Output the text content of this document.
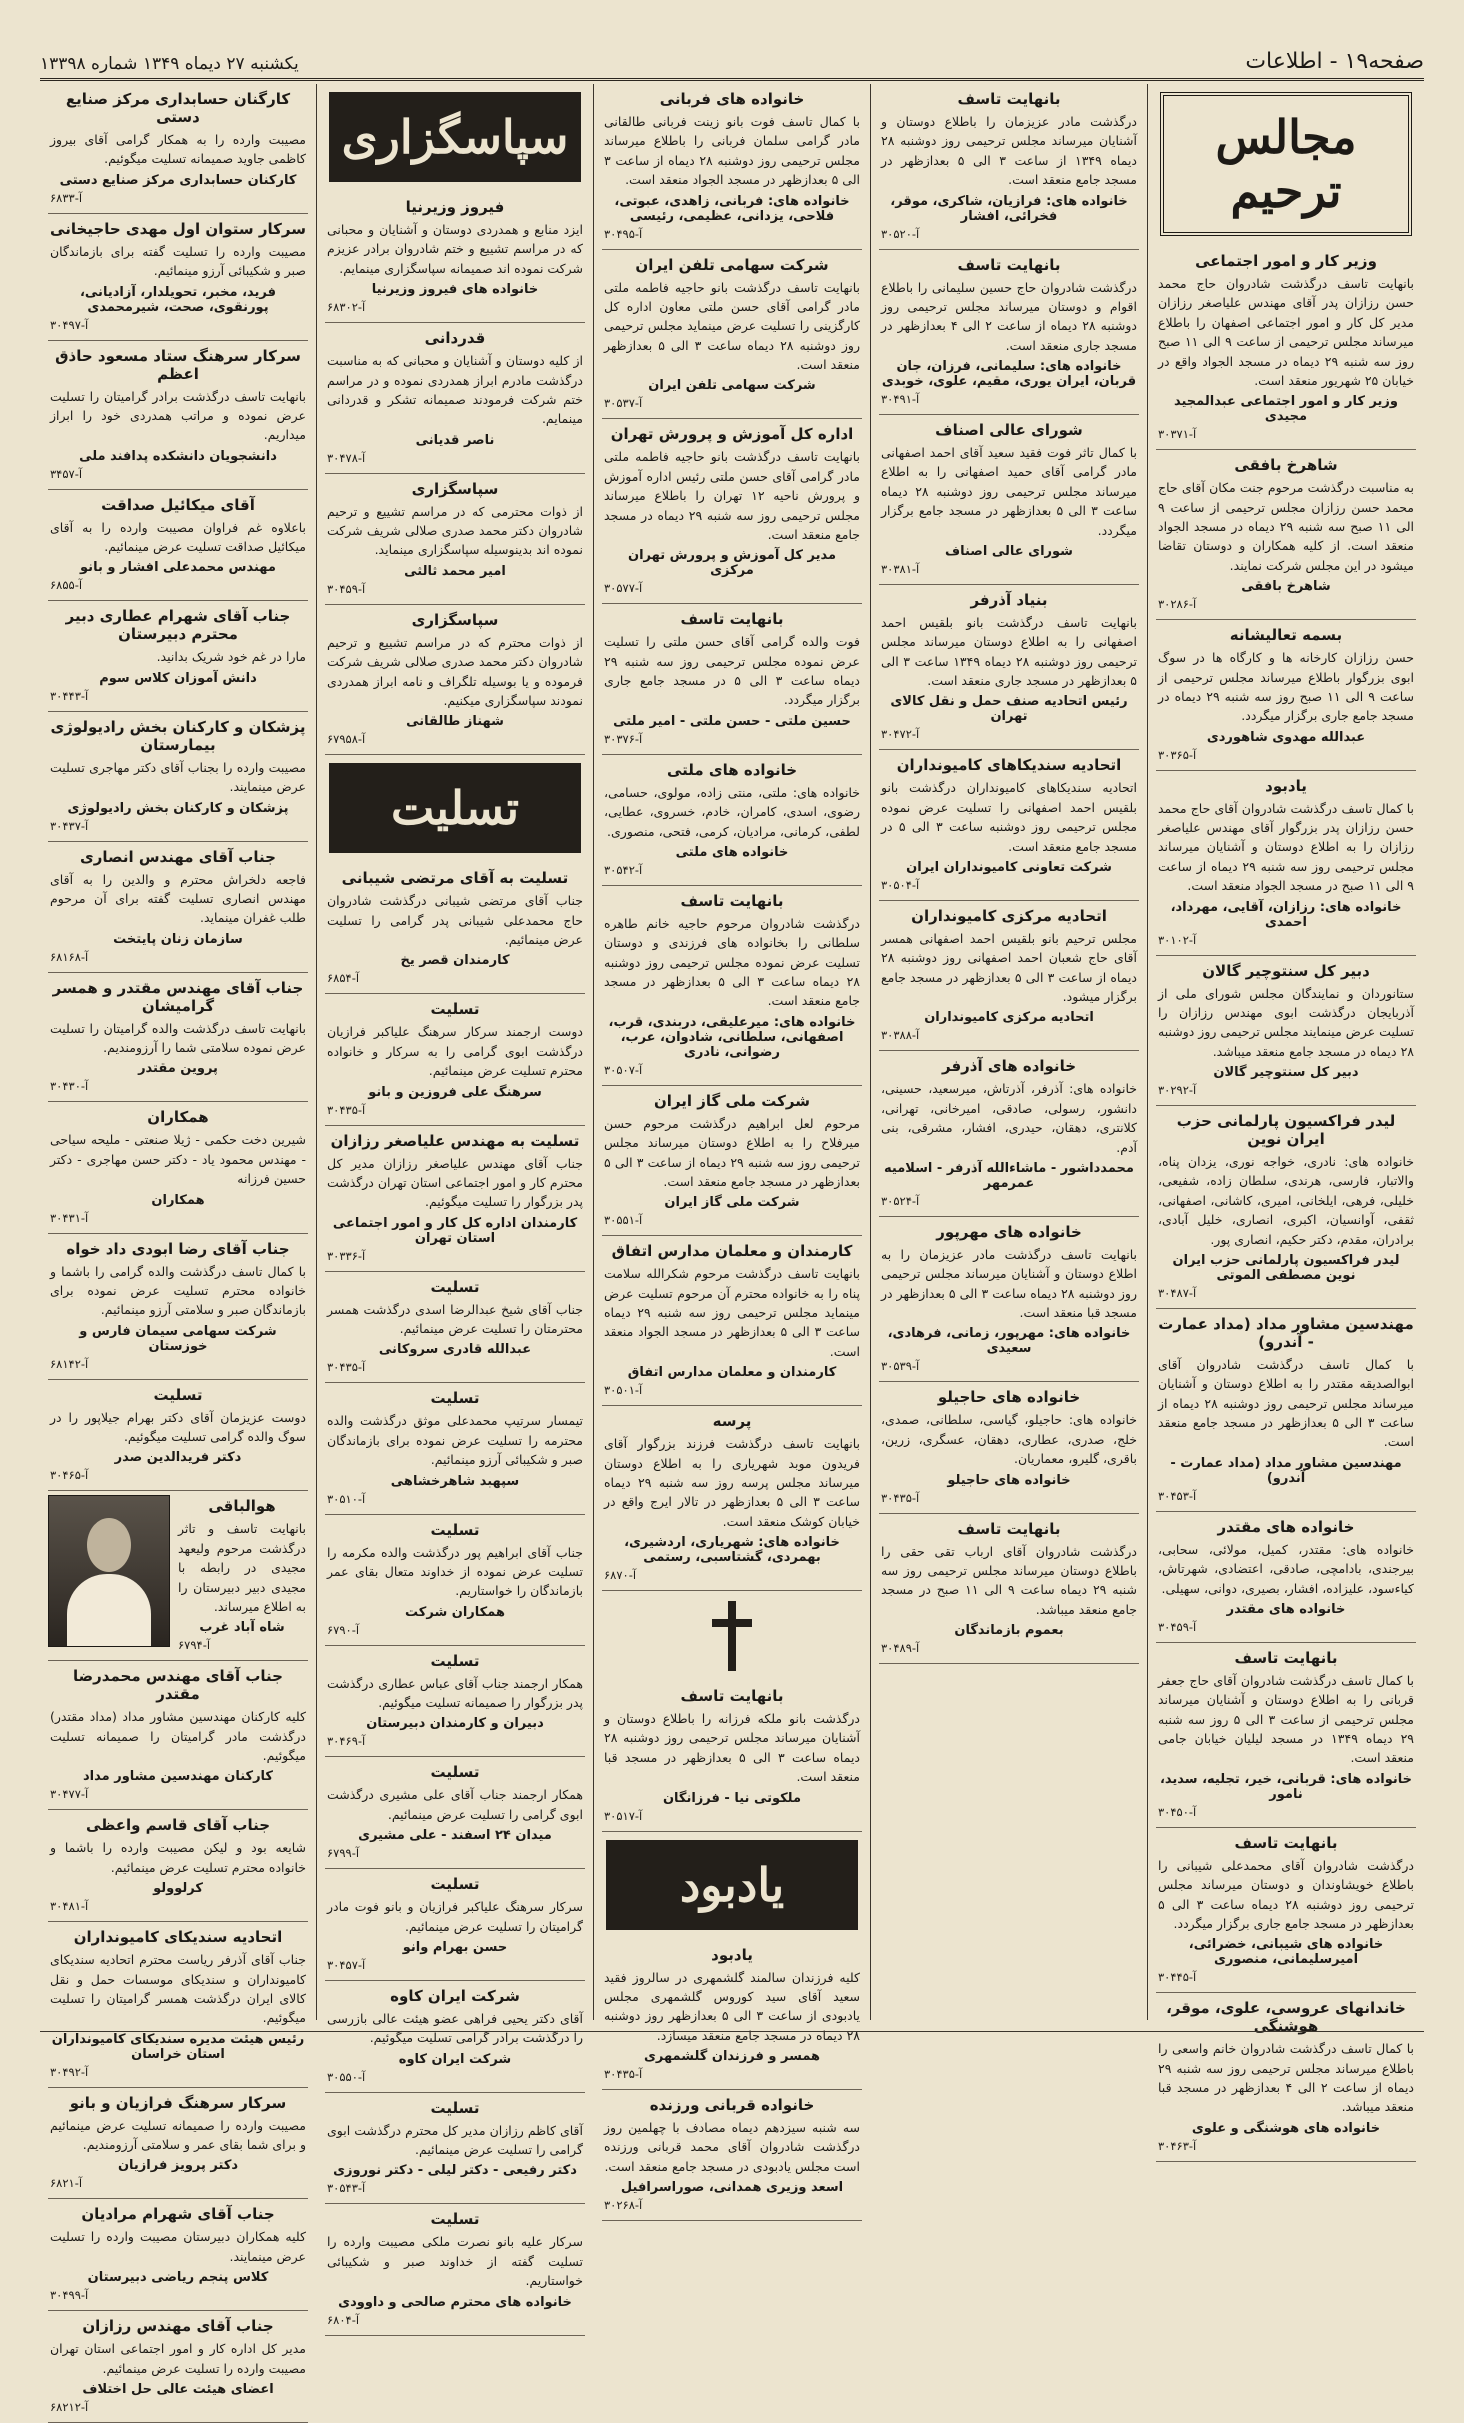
صفحه۱۹ - اطلاعات
یکشنبه ۲۷ دیماه ۱۳۴۹ شماره ۱۳۳۹۸
مجالس ترحیم
وزیر کار و امور اجتماعی

بانهایت تاسف درگذشت شادروان حاج محمد حسن رزازان پدر آقای مهندس علیاصغر رزازان مدیر کل کار و امور اجتماعی اصفهان را باطلاع میرساند مجلس ترحیمی از ساعت ۹ الی ۱۱ صبح روز سه شنبه ۲۹ دیماه در مسجد الجواد واقع در خیابان ۲۵ شهریور منعقد است.

وزیر کار و امور اجتماعی عبدالمجید مجیدی
آ-۳۰۳۷۱
شاهرخ بافقی

به مناسبت درگذشت مرحوم جنت مکان آقای حاج محمد حسن رزازان مجلس ترحیمی از ساعت ۹ الی ۱۱ صبح سه شنبه ۲۹ دیماه در مسجد الجواد منعقد است. از کلیه همکاران و دوستان تقاضا میشود در این مجلس شرکت نمایند.

شاهرخ بافقی
آ-۳۰۲۸۶
بسمه تعالیشانه

حسن رزازان کارخانه ها و کارگاه ها در سوگ ابوی بزرگوار باطلاع میرساند مجلس ترحیمی از ساعت ۹ الی ۱۱ صبح روز سه شنبه ۲۹ دیماه در مسجد جامع جاری برگزار میگردد.

عبدالله مهدوی شاهوردی
آ-۳۰۳۶۵
یادبود

با کمال تاسف درگذشت شادروان آقای حاج محمد حسن رزازان پدر بزرگوار آقای مهندس علیاصغر رزازان را به اطلاع دوستان و آشنایان میرساند مجلس ترحیمی روز سه شنبه ۲۹ دیماه از ساعت ۹ الی ۱۱ صبح در مسجد الجواد منعقد است.

خانواده های: رزازان، آقایی، مهرداد، احمدی
آ-۳۰۱۰۲
دبیر کل سنتوچیر گالان

ستانوردان و نمایندگان مجلس شورای ملی از آذربایجان درگذشت ابوی مهندس رزازان را تسلیت عرض مینمایند مجلس ترحیمی روز دوشنبه ۲۸ دیماه در مسجد جامع منعقد میباشد.

دبیر کل سنتوچیر گالان
آ-۳۰۲۹۲
لیدر فراکسیون پارلمانی حزب ایران نوین

خانواده های: نادری، خواجه نوری، یزدان پناه، والاتبار، فارسی، هرندی، سلطان زاده، شفیعی، خلیلی، فرهی، ایلخانی، امیری، کاشانی، اصفهانی، ثقفی، آوانسیان، اکبری، انصاری، خلیل آبادی، برادران، مقدم، دکتر حکیم، انصاری پور.

لیدر فراکسیون پارلمانی حزب ایران نوین مصطفی الموتی
آ-۳۰۴۸۷
مهندسین مشاور مداد (مداد عمارت - آندرو)

با کمال تاسف درگذشت شادروان آقای ابوالصدیقه مقتدر را به اطلاع دوستان و آشنایان میرساند مجلس ترحیمی روز دوشنبه ۲۸ دیماه از ساعت ۳ الی ۵ بعدازظهر در مسجد جامع منعقد است.

مهندسین مشاور مداد (مداد عمارت - آندرو)
آ-۳۰۴۵۳
خانواده های مقتدر

خانواده های: مقتدر، کمیل، مولائی، سحابی، بیرجندی، بادامچی، صادقی، اعتضادی، شهرتاش، کیاءسود، علیزاده، افشار، بصیری، دوانی، سهیلی.

خانواده های مقتدر
آ-۳۰۴۵۹
بانهایت تاسف

با کمال تاسف درگذشت شادروان آقای حاج جعفر قربانی را به اطلاع دوستان و آشنایان میرساند مجلس ترحیمی از ساعت ۳ الی ۵ روز سه شنبه ۲۹ دیماه ۱۳۴۹ در مسجد لیلیان خیابان جامی منعقد است.

خانواده های: قربانی، خیر، تجلیه، سدید، نامور
آ-۳۰۴۵۰
بانهایت تاسف

درگذشت شادروان آقای محمدعلی شیبانی را باطلاع خویشاوندان و دوستان میرساند مجلس ترحیمی روز دوشنبه ۲۸ دیماه ساعت ۳ الی ۵ بعدازظهر در مسجد جامع جاری برگزار میگردد.

خانواده های شیبانی، خضرائی، امیرسلیمانی، منصوری
آ-۳۰۴۴۵
خاندانهای عروسی، علوی، موقر، هوشنگی

با کمال تاسف درگذشت شادروان خانم واسعی را باطلاع میرساند مجلس ترحیمی روز سه شنبه ۲۹ دیماه از ساعت ۲ الی ۴ بعدازظهر در مسجد قبا منعقد میباشد.

خانواده های هوشنگی و علوی
آ-۳۰۴۶۳
بانهایت تاسف

درگذشت مادر عزیزمان را باطلاع دوستان و آشنایان میرساند مجلس ترحیمی روز دوشنبه ۲۸ دیماه ۱۳۴۹ از ساعت ۳ الی ۵ بعدازظهر در مسجد جامع منعقد است.

خانواده های: فرازیان، شاکری، موقر، فخرائی، افشار
آ-۳۰۵۲۰
بانهایت تاسف

درگذشت شادروان حاج حسین سلیمانی را باطلاع اقوام و دوستان میرساند مجلس ترحیمی روز دوشنبه ۲۸ دیماه از ساعت ۲ الی ۴ بعدازظهر در مسجد جاری منعقد است.

خانواده های: سلیمانی، فرزان، جان قربان، ایران یوری، مقیم، علوی، خوبدی
آ-۳۰۴۹۱
شورای عالی اصناف

با کمال تاثر فوت فقید سعید آقای احمد اصفهانی مادر گرامی آقای حمید اصفهانی را به اطلاع میرساند مجلس ترحیمی روز دوشنبه ۲۸ دیماه ساعت ۳ الی ۵ بعدازظهر در مسجد جامع برگزار میگردد.

شورای عالی اصناف
آ-۳۰۳۸۱
بنیاد آذرفر

بانهایت تاسف درگذشت بانو بلقیس احمد اصفهانی را به اطلاع دوستان میرساند مجلس ترحیمی روز دوشنبه ۲۸ دیماه ۱۳۴۹ ساعت ۳ الی ۵ بعدازظهر در مسجد جاری منعقد است.

رئیس اتحادیه صنف حمل و نقل کالای تهران
آ-۳۰۴۷۲
اتحادیه سندیکاهای کامیونداران

اتحادیه سندیکاهای کامیونداران درگذشت بانو بلقیس احمد اصفهانی را تسلیت عرض نموده مجلس ترحیمی روز دوشنبه ساعت ۳ الی ۵ در مسجد جامع منعقد است.

شرکت تعاونی کامیونداران ایران
آ-۳۰۵۰۴
اتحادیه مرکزی کامیونداران

مجلس ترحیم بانو بلقیس احمد اصفهانی همسر آقای حاج شعبان احمد اصفهانی روز دوشنبه ۲۸ دیماه از ساعت ۳ الی ۵ بعدازظهر در مسجد جامع برگزار میشود.

اتحادیه مرکزی کامیونداران
آ-۳۰۳۸۸
خانواده های آذرفر

خانواده های: آذرفر، آذرتاش، میرسعید، حسینی، دانشور، رسولی، صادقی، امیرخانی، تهرانی، کلانتری، دهقان، حیدری، افشار، مشرقی، بنی آدم.

محمدداشور - ماشاءالله آذرفر - اسلامیه عمرمهر
آ-۳۰۵۲۴
خانواده های مهرپور

بانهایت تاسف درگذشت مادر عزیزمان را به اطلاع دوستان و آشنایان میرساند مجلس ترحیمی روز دوشنبه ۲۸ دیماه ساعت ۳ الی ۵ بعدازظهر در مسجد قبا منعقد است.

خانواده های: مهرپور، زمانی، فرهادی، سعیدی
آ-۳۰۵۳۹
خانواده های حاجیلو

خانواده های: حاجیلو، گیاسی، سلطانی، صمدی، خلج، صدری، عطاری، دهقان، عسگری، زرین، باقری، گلیرو، معماریان.

خانواده های حاجیلو
آ-۳۰۴۳۵
بانهایت تاسف

درگذشت شادروان آقای ارباب تقی حقی را باطلاع دوستان میرساند مجلس ترحیمی روز سه شنبه ۲۹ دیماه ساعت ۹ الی ۱۱ صبح در مسجد جامع منعقد میباشد.

بعموم بازماندگان
آ-۳۰۴۸۹
خانواده های فربانی

با کمال تاسف فوت بانو زینت فربانی طالقانی مادر گرامی سلمان فربانی را باطلاع میرساند مجلس ترحیمی روز دوشنبه ۲۸ دیماه از ساعت ۳ الی ۵ بعدازظهر در مسجد الجواد منعقد است.

خانواده های: فربانی، زاهدی، عبوتی، فلاحی، یزدانی، عظیمی، رئیسی
آ-۳۰۴۹۵
شرکت سهامی تلفن ایران

بانهایت تاسف درگذشت بانو حاجیه فاطمه ملتی مادر گرامی آقای حسن ملتی معاون اداره کل کارگزینی را تسلیت عرض مینماید مجلس ترحیمی روز دوشنبه ۲۸ دیماه ساعت ۳ الی ۵ بعدازظهر منعقد است.

شرکت سهامی تلفن ایران
آ-۳۰۵۳۷
اداره کل آموزش و پرورش تهران

بانهایت تاسف درگذشت بانو حاجیه فاطمه ملتی مادر گرامی آقای حسن ملتی رئیس اداره آموزش و پرورش ناحیه ۱۲ تهران را باطلاع میرساند مجلس ترحیمی روز سه شنبه ۲۹ دیماه در مسجد جامع منعقد است.

مدیر کل آموزش و پرورش تهران مرکزی
آ-۳۰۵۷۷
بانهایت تاسف

فوت والده گرامی آقای حسن ملتی را تسلیت عرض نموده مجلس ترحیمی روز سه شنبه ۲۹ دیماه ساعت ۳ الی ۵ در مسجد جامع جاری برگزار میگردد.

حسین ملتی - حسن ملتی - امیر ملتی
آ-۳۰۳۷۶
خانواده های ملتی

خانواده های: ملتی، منتی زاده، مولوی، حسامی، رضوی، اسدی، کامران، خادم، خسروی، عطایی، لطفی، کرمانی، مرادیان، کرمی، فتحی، منصوری.

خانواده های ملتی
آ-۳۰۵۴۲
بانهایت تاسف

درگذشت شادروان مرحوم حاجیه خانم طاهره سلطانی را بخانواده های فرزندی و دوستان تسلیت عرض نموده مجلس ترحیمی روز دوشنبه ۲۸ دیماه ساعت ۳ الی ۵ بعدازظهر در مسجد جامع منعقد است.

خانواده های: میرعلیقی، دربندی، قرب، اصفهانی، سلطانی، شادوان، عرب، رضوانی، نادری
آ-۳۰۵۰۷
شرکت ملی گاز ایران

مرحوم لعل ابراهیم درگذشت مرحوم حسن میرفلاح را به اطلاع دوستان میرساند مجلس ترحیمی روز سه شنبه ۲۹ دیماه از ساعت ۳ الی ۵ بعدازظهر در مسجد جامع منعقد است.

شرکت ملی گاز ایران
آ-۳۰۵۵۱
کارمندان و معلمان مدارس اتفاق

بانهایت تاسف درگذشت مرحوم شکرالله سلامت پناه را به خانواده محترم آن مرحوم تسلیت عرض مینماید مجلس ترحیمی روز سه شنبه ۲۹ دیماه ساعت ۳ الی ۵ بعدازظهر در مسجد الجواد منعقد است.

کارمندان و معلمان مدارس اتفاق
آ-۳۰۵۰۱
پرسه

بانهایت تاسف درگذشت فرزند بزرگوار آقای فریدون موبد شهریاری را به اطلاع دوستان میرساند مجلس پرسه روز سه شنبه ۲۹ دیماه ساعت ۳ الی ۵ بعدازظهر در تالار ایرج واقع در خیابان کوشک منعقد است.

خانواده های: شهریاری، اردشیری، بهمردی، گشتاسبی، رستمی
آ-۶۸۷۰
بانهایت تاسف

درگذشت بانو ملکه فرزانه را باطلاع دوستان و آشنایان میرساند مجلس ترحیمی روز دوشنبه ۲۸ دیماه ساعت ۳ الی ۵ بعدازظهر در مسجد قبا منعقد است.

ملکوتی نیا - فرزانگان
آ-۳۰۵۱۷
یادبود
یادبود

کلیه فرزندان سالمند گلشمهری در سالروز فقید سعید آقای سید کوروس گلشمهری مجلس یادبودی از ساعت ۳ الی ۵ بعدازظهر روز دوشنبه ۲۸ دیماه در مسجد جامع منعقد میسازد.

همسر و فرزندان گلشمهری
آ-۳۰۴۳۵
خانواده قربانی ورزنده

سه شنبه سیزدهم دیماه مصادف با چهلمین روز درگذشت شادروان آقای محمد قربانی ورزنده است مجلس یادبودی در مسجد جامع منعقد است.

اسعد وزیری همدانی، صوراسرافیل
آ-۳۰۲۶۸
سپاسگزاری
فیروز وزیرنیا

ایزد منابع و همدردی دوستان و آشنایان و محبانی که در مراسم تشییع و ختم شادروان برادر عزیزم شرکت نموده اند صمیمانه سپاسگزاری مینمایم.

خانواده های فیروز وزیرنیا
آ-۶۸۳۰۲
قدردانی

از کلیه دوستان و آشنایان و محبانی که به مناسبت درگذشت مادرم ابراز همدردی نموده و در مراسم ختم شرکت فرمودند صمیمانه تشکر و قدردانی مینمایم.

ناصر قدیانی
آ-۳۰۴۷۸
سپاسگزاری

از ذوات محترمی که در مراسم تشییع و ترحیم شادروان دکتر محمد صدری صلالی شریف شرکت نموده اند بدینوسیله سپاسگزاری مینماید.

امیر محمد ثالثی
آ-۳۰۴۵۹
سپاسگزاری

از ذوات محترم که در مراسم تشییع و ترحیم شادروان دکتر محمد صدری صلالی شریف شرکت فرموده و یا بوسیله تلگراف و نامه ابراز همدردی نمودند سپاسگزاری میکنیم.

شهناز طالقانی
آ-۶۷۹۵۸
تسلیت
تسلیت به آقای مرتضی شیبانی

جناب آقای مرتضی شیبانی درگذشت شادروان حاج محمدعلی شیبانی پدر گرامی را تسلیت عرض مینمائیم.

کارمندان قصر یخ
آ-۶۸۵۴
تسلیت

دوست ارجمند سرکار سرهنگ علیاکبر فرازیان درگذشت ابوی گرامی را به سرکار و خانواده محترم تسلیت عرض مینمائیم.

سرهنگ علی فروزین و بانو
آ-۳۰۴۳۵
تسلیت به مهندس علیاصغر رزازان

جناب آقای مهندس علیاصغر رزازان مدیر کل محترم کار و امور اجتماعی استان تهران درگذشت پدر بزرگوار را تسلیت میگوئیم.

کارمندان اداره کل کار و امور اجتماعی استان تهران
آ-۳۰۳۳۶
تسلیت

جناب آقای شیخ عبدالرضا اسدی درگذشت همسر محترمتان را تسلیت عرض مینمائیم.

عبدالله قادری سروکانی
آ-۳۰۴۳۵
تسلیت

تیمسار سرتیپ محمدعلی موثق درگذشت والده محترمه را تسلیت عرض نموده برای بازماندگان صبر و شکیبائی آرزو مینمائیم.

سپهبد شاهرخشاهی
آ-۳۰۵۱۰
تسلیت

جناب آقای ابراهیم پور درگذشت والده مکرمه را تسلیت عرض نموده از خداوند متعال بقای عمر بازماندگان را خواستاریم.

همکاران شرکت
آ-۶۷۹۰
تسلیت

همکار ارجمند جناب آقای عباس عطاری درگذشت پدر بزرگوار را صمیمانه تسلیت میگوئیم.

دبیران و کارمندان دبیرستان
آ-۳۰۴۶۹
تسلیت

همکار ارجمند جناب آقای علی مشیری درگذشت ابوی گرامی را تسلیت عرض مینمائیم.

میدان ۲۴ اسفند - علی مشیری
آ-۶۷۹۹
تسلیت

سرکار سرهنگ علیاکبر فرازیان و بانو فوت مادر گرامیتان را تسلیت عرض مینمائیم.

حسن بهرام وانو
آ-۳۰۴۵۷
شرکت ایران کاوه

آقای دکتر یحیی فراهی عضو هیئت عالی بازرسی را درگذشت برادر گرامی تسلیت میگوئیم.

شرکت ایران کاوه
آ-۳۰۵۵۰
تسلیت

آقای کاظم رزازان مدیر کل محترم درگذشت ابوی گرامی را تسلیت عرض مینمائیم.

دکتر رفیعی - دکتر لیلی - دکتر نوروزی
آ-۳۰۵۴۳
تسلیت

سرکار علیه بانو نصرت ملکی مصیبت وارده را تسلیت گفته از خداوند صبر و شکیبائی خواستاریم.

خانواده های محترم صالحی و داوودی
آ-۶۸۰۴
کارگنان حسابداری مرکز صنایع دستی

مصیبت وارده را به همکار گرامی آقای بیروز کاظمی جاوید صمیمانه تسلیت میگوئیم.

کارکنان حسابداری مرکز صنایع دستی
آ-۶۸۳۳
سرکار ستوان اول مهدی حاجیخانی

مصیبت وارده را تسلیت گفته برای بازماندگان صبر و شکیبائی آرزو مینمائیم.

فرید، مخبر، تحویلدار، آزادیانی، پورنقوی، صحت، شیرمحمدی
آ-۳۰۴۹۷
سرکار سرهنگ ستاد مسعود حاذق اعظم

بانهایت تاسف درگذشت برادر گرامیتان را تسلیت عرض نموده و مراتب همدردی خود را ابراز میداریم.

دانشجویان دانشکده پدافند ملی
آ-۳۴۵۷
آقای میکائیل صداقت

باعلاوه غم فراوان مصیبت وارده را به آقای میکائیل صداقت تسلیت عرض مینمائیم.

مهندس محمدعلی افشار و بانو
آ-۶۸۵۵
جناب آقای شهرام عطاری دبیر محترم دبیرستان

مارا در غم خود شریک بدانید.

دانش آموزان کلاس سوم
آ-۳۰۴۴۳
پزشکان و کارکنان بخش رادیولوژی بیمارستان

مصیبت وارده را بجناب آقای دکتر مهاجری تسلیت عرض مینمایند.

پزشکان و کارکنان بخش رادیولوژی
آ-۳۰۴۳۷
جناب آقای مهندس انصاری

فاجعه دلخراش محترم و والدین را به آقای مهندس انصاری تسلیت گفته برای آن مرحوم طلب غفران مینماید.

سازمان زنان پایتخت
آ-۶۸۱۶۸
جناب آقای مهندس مقتدر و همسر گرامیشان

بانهایت تاسف درگذشت والده گرامیتان را تسلیت عرض نموده سلامتی شما را آرزومندیم.

پروین مقتدر
آ-۳۰۴۳۰
همکاران

شیرین دخت حکمی - ژیلا صنعتی - ملیحه سیاحی - مهندس محمود یاد - دکتر حسن مهاجری - دکتر حسین فرزانه

همکاران
آ-۳۰۴۳۱
جناب آقای رضا ابودی داد خواه

با کمال تاسف درگذشت والده گرامی را باشما و خانواده محترم تسلیت عرض نموده برای بازماندگان صبر و سلامتی آرزو مینمائیم.

شرکت سهامی سیمان فارس و خوزستان
آ-۶۸۱۴۲
تسلیت

دوست عزیزمان آقای دکتر بهرام جیلاپور را در سوگ والده گرامی تسلیت میگوئیم.

دکتر فریدالدین صدر
آ-۳۰۴۶۵
هوالباقی

بانهایت تاسف و تاثر درگذشت مرحوم ولیعهد مجیدی در رابطه با مجیدی دبیر دبیرستان را به اطلاع میرساند.

شاه آباد غرب
آ-۶۷۹۴
جناب آقای مهندس محمدرضا مقتدر

کلیه کارکنان مهندسین مشاور مداد (مداد مقتدر) درگذشت مادر گرامیتان را صمیمانه تسلیت میگوئیم.

کارکنان مهندسین مشاور مداد
آ-۳۰۴۷۷
جناب آقای قاسم واعظی

شایعه بود و لیکن مصیبت وارده را باشما و خانواده محترم تسلیت عرض مینمائیم.

کرلوولو
آ-۳۰۴۸۱
اتحادیه سندیکای کامیونداران

جناب آقای آذرفر ریاست محترم اتحادیه سندیکای کامیونداران و سندیکای موسسات حمل و نقل کالای ایران درگذشت همسر گرامیتان را تسلیت میگوئیم.

رئیس هیئت مدیره سندیکای کامیونداران استان خراسان
آ-۳۰۴۹۲
سرکار سرهنگ فرازیان و بانو

مصیبت وارده را صمیمانه تسلیت عرض مینمائیم و برای شما بقای عمر و سلامتی آرزومندیم.

دکتر پرویز فرازیان
آ-۶۸۲۱
جناب آقای شهرام مرادیان

کلیه همکاران دبیرستان مصیبت وارده را تسلیت عرض مینمایند.

کلاس پنجم ریاضی دبیرستان
آ-۳۰۴۹۹
جناب آقای مهندس رزازان

مدیر کل اداره کار و امور اجتماعی استان تهران مصیبت وارده را تسلیت عرض مینمائیم.

اعضای هیئت عالی حل اختلاف
آ-۶۸۲۱۲
